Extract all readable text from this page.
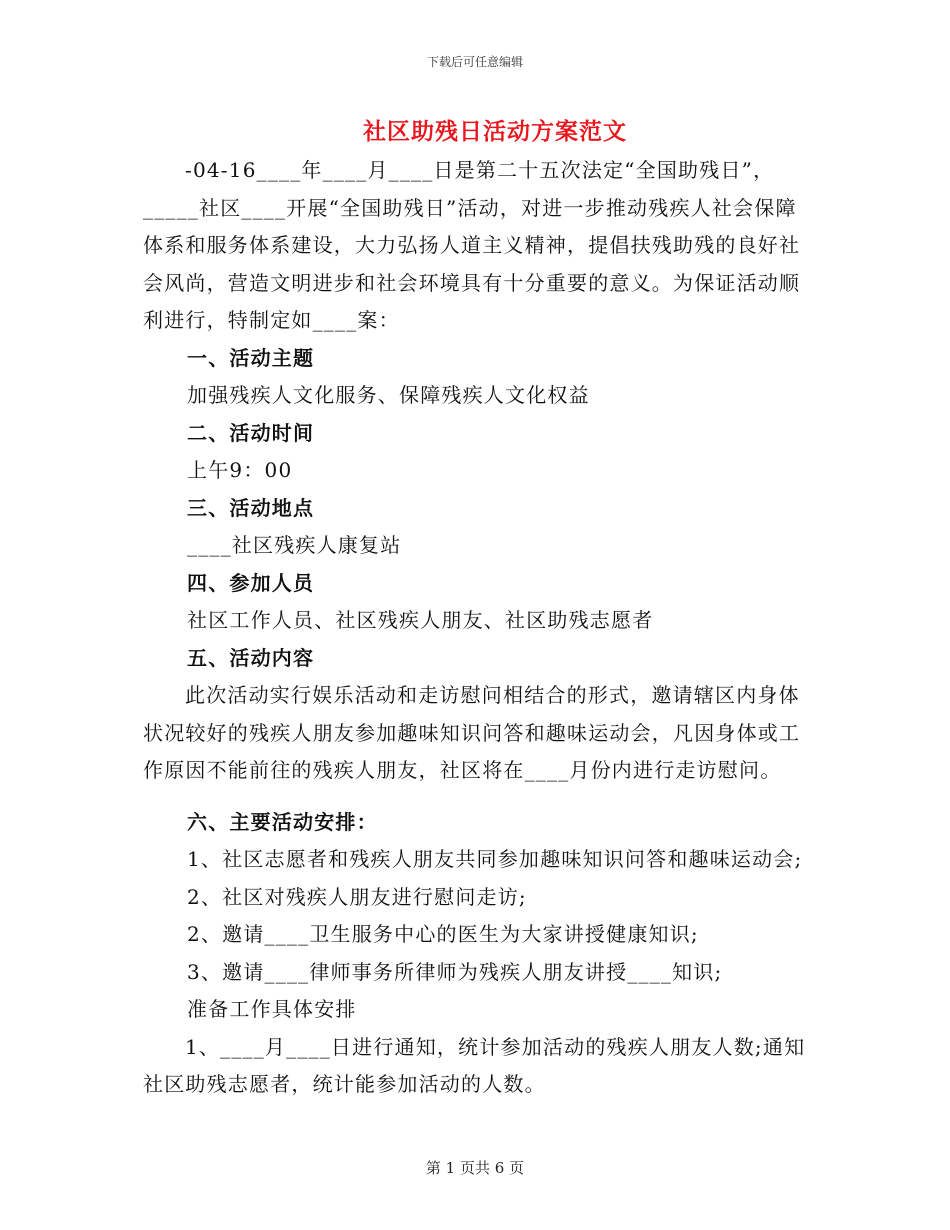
下载后可任意编辑
社区助残日活动方案范文

-04-16____年____月____日是第二十五次法定“全国助残日”，_____社区____开展“全国助残日”活动，对进一步推动残疾人社会保障体系和服务体系建设，大力弘扬人道主义精神，提倡扶残助残的良好社会风尚，营造文明进步和社会环境具有十分重要的意义。为保证活动顺利进行，特制定如____案：

一、活动主题

加强残疾人文化服务、保障残疾人文化权益

二、活动时间

上午9：00

三、活动地点

____社区残疾人康复站

四、参加人员

社区工作人员、社区残疾人朋友、社区助残志愿者

五、活动内容

此次活动实行娱乐活动和走访慰问相结合的形式，邀请辖区内身体状况较好的残疾人朋友参加趣味知识问答和趣味运动会，凡因身体或工作原因不能前往的残疾人朋友，社区将在____月份内进行走访慰问。

六、主要活动安排：

1、社区志愿者和残疾人朋友共同参加趣味知识问答和趣味运动会;

2、社区对残疾人朋友进行慰问走访;

2、邀请____卫生服务中心的医生为大家讲授健康知识;

3、邀请____律师事务所律师为残疾人朋友讲授____知识;

准备工作具体安排

1、____月____日进行通知，统计参加活动的残疾人朋友人数;通知社区助残志愿者，统计能参加活动的人数。

第 1 页共 6 页
